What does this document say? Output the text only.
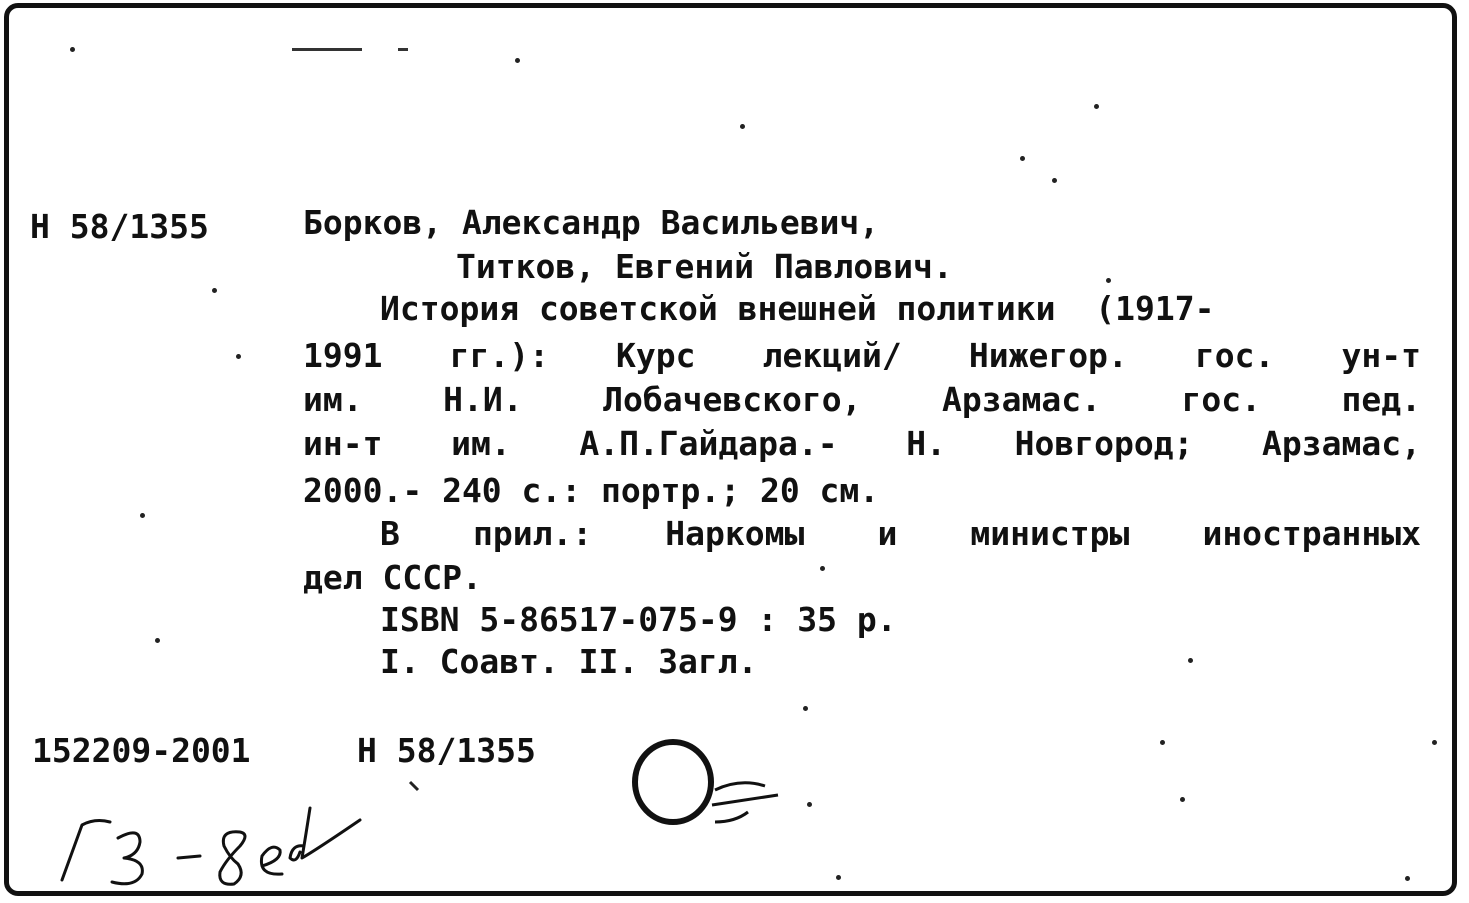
Н 58/1355	Борков, Александр Васильевич,
Титков, Евгений Павлович.
История советской внешней политики  (1917-
1991 гг.): Курс лекций/ Нижегор. гос. ун-т
им. Н.И. Лобачевского, Арзамас. гос. пед.
ин-т им. А.П.Гайдара.- Н. Новгород; Арзамас,
2000.- 240 с.: портр.; 20 см.
В прил.: Наркомы и министры иностранных
дел СССР.
ISBN 5-86517-075-9 : 35 р.
I. Соавт. II. Загл.
152209-2001	Н 58/1355
